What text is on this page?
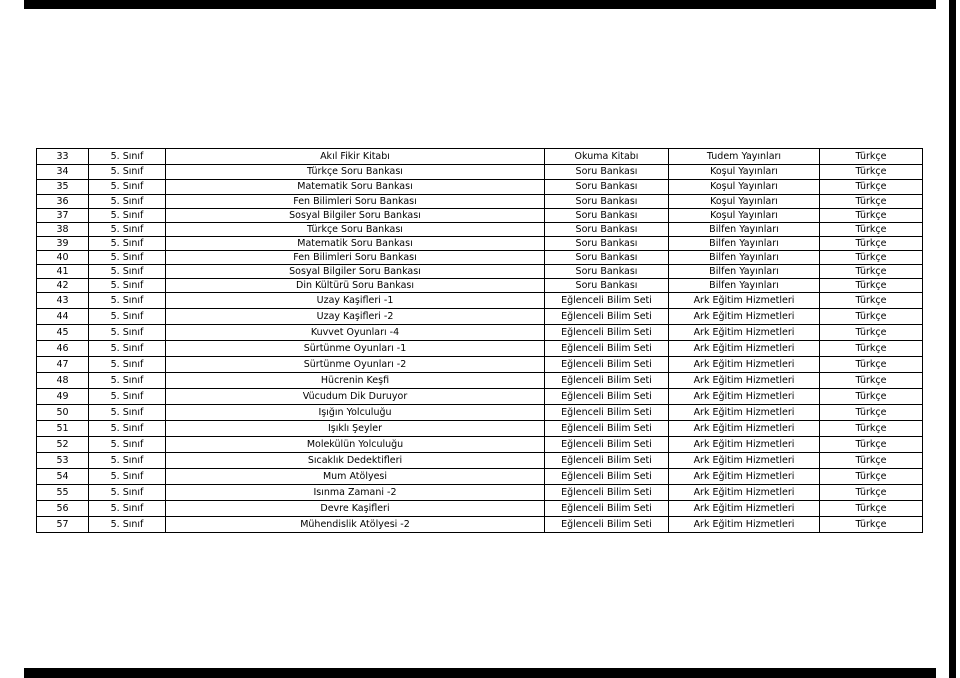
33	5. Sınıf	Akıl Fikir Kitabı	Okuma Kitabı	Tudem Yayınları	Türkçe
34	5. Sınıf	Türkçe Soru Bankası	Soru Bankası	Koşul Yayınları	Türkçe
35	5. Sınıf	Matematik Soru Bankası	Soru Bankası	Koşul Yayınları	Türkçe
36	5. Sınıf	Fen Bilimleri Soru Bankası	Soru Bankası	Koşul Yayınları	Türkçe
37	5. Sınıf	Sosyal Bilgiler Soru Bankası	Soru Bankası	Koşul Yayınları	Türkçe
38	5. Sınıf	Türkçe Soru Bankası	Soru Bankası	Bilfen Yayınları	Türkçe
39	5. Sınıf	Matematik Soru Bankası	Soru Bankası	Bilfen Yayınları	Türkçe
40	5. Sınıf	Fen Bilimleri Soru Bankası	Soru Bankası	Bilfen Yayınları	Türkçe
41	5. Sınıf	Sosyal Bilgiler Soru Bankası	Soru Bankası	Bilfen Yayınları	Türkçe
42	5. Sınıf	Din Kültürü Soru Bankası	Soru Bankası	Bilfen Yayınları	Türkçe
43	5. Sınıf	Uzay Kaşifleri -1	Eğlenceli Bilim Seti	Ark Eğitim Hizmetleri	Türkçe
44	5. Sınıf	Uzay Kaşifleri -2	Eğlenceli Bilim Seti	Ark Eğitim Hizmetleri	Türkçe
45	5. Sınıf	Kuvvet Oyunları -4	Eğlenceli Bilim Seti	Ark Eğitim Hizmetleri	Türkçe
46	5. Sınıf	Sürtünme Oyunları -1	Eğlenceli Bilim Seti	Ark Eğitim Hizmetleri	Türkçe
47	5. Sınıf	Sürtünme Oyunları -2	Eğlenceli Bilim Seti	Ark Eğitim Hizmetleri	Türkçe
48	5. Sınıf	Hücrenin Keşfi	Eğlenceli Bilim Seti	Ark Eğitim Hizmetleri	Türkçe
49	5. Sınıf	Vücudum Dik Duruyor	Eğlenceli Bilim Seti	Ark Eğitim Hizmetleri	Türkçe
50	5. Sınıf	Işığın Yolculuğu	Eğlenceli Bilim Seti	Ark Eğitim Hizmetleri	Türkçe
51	5. Sınıf	Işıklı Şeyler	Eğlenceli Bilim Seti	Ark Eğitim Hizmetleri	Türkçe
52	5. Sınıf	Molekülün Yolculuğu	Eğlenceli Bilim Seti	Ark Eğitim Hizmetleri	Türkçe
53	5. Sınıf	Sıcaklık Dedektifleri	Eğlenceli Bilim Seti	Ark Eğitim Hizmetleri	Türkçe
54	5. Sınıf	Mum Atölyesi	Eğlenceli Bilim Seti	Ark Eğitim Hizmetleri	Türkçe
55	5. Sınıf	Isınma Zamani -2	Eğlenceli Bilim Seti	Ark Eğitim Hizmetleri	Türkçe
56	5. Sınıf	Devre Kaşifleri	Eğlenceli Bilim Seti	Ark Eğitim Hizmetleri	Türkçe
57	5. Sınıf	Mühendislik Atölyesi -2	Eğlenceli Bilim Seti	Ark Eğitim Hizmetleri	Türkçe
